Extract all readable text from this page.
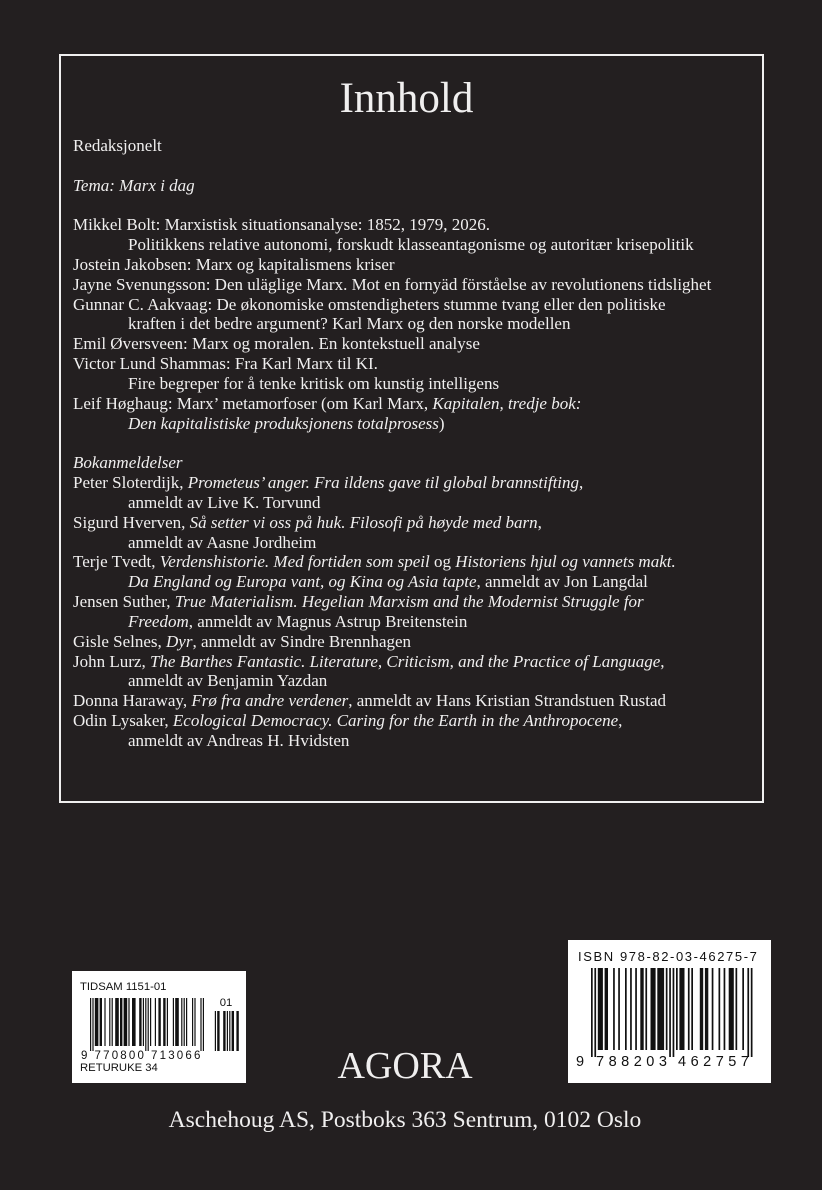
Innhold
Redaksjonelt
Tema: Marx i dag
Mikkel Bolt: Marxistisk situationsanalyse: 1852, 1979, 2026.
Politikkens relative autonomi, forskudt klasseantagonisme og autoritær krisepolitik
Jostein Jakobsen: Marx og kapitalismens kriser
Jayne Svenungsson: Den uläglige Marx. Mot en fornyäd förståelse av revolutionens tidslighet
Gunnar C. Aakvaag: De økonomiske omstendigheters stumme tvang eller den politiske
kraften i det bedre argument? Karl Marx og den norske modellen
Emil Øversveen: Marx og moralen. En kontekstuell analyse
Victor Lund Shammas: Fra Karl Marx til KI.
Fire begreper for å tenke kritisk om kunstig intelligens
Leif Høghaug: Marx’ metamorfoser (om Karl Marx, Kapitalen, tredje bok:
Den kapitalistiske produksjonens totalprosess)
Bokanmeldelser
Peter Sloterdijk, Prometeus’ anger. Fra ildens gave til global brannstifting,
anmeldt av Live K. Torvund
Sigurd Hverven, Så setter vi oss på huk. Filosofi på høyde med barn,
anmeldt av Aasne Jordheim
Terje Tvedt, Verdenshistorie. Med fortiden som speil og Historiens hjul og vannets makt.
Da England og Europa vant, og Kina og Asia tapte, anmeldt av Jon Langdal
Jensen Suther, True Materialism. Hegelian Marxism and the Modernist Struggle for
Freedom, anmeldt av Magnus Astrup Breitenstein
Gisle Selnes, Dyr, anmeldt av Sindre Brennhagen
John Lurz, The Barthes Fantastic. Literature, Criticism, and the Practice of Language,
anmeldt av Benjamin Yazdan
Donna Haraway, Frø fra andre verdener, anmeldt av Hans Kristian Strandstuen Rustad
Odin Lysaker, Ecological Democracy. Caring for the Earth in the Anthropocene,
anmeldt av Andreas H. Hvidsten
TIDSAM 1151-01
01
9 770800 713066
RETURUKE 34
ISBN 978-82-03-46275-7
9 788203 462757
AGORA
Aschehoug AS, Postboks 363 Sentrum, 0102 Oslo
